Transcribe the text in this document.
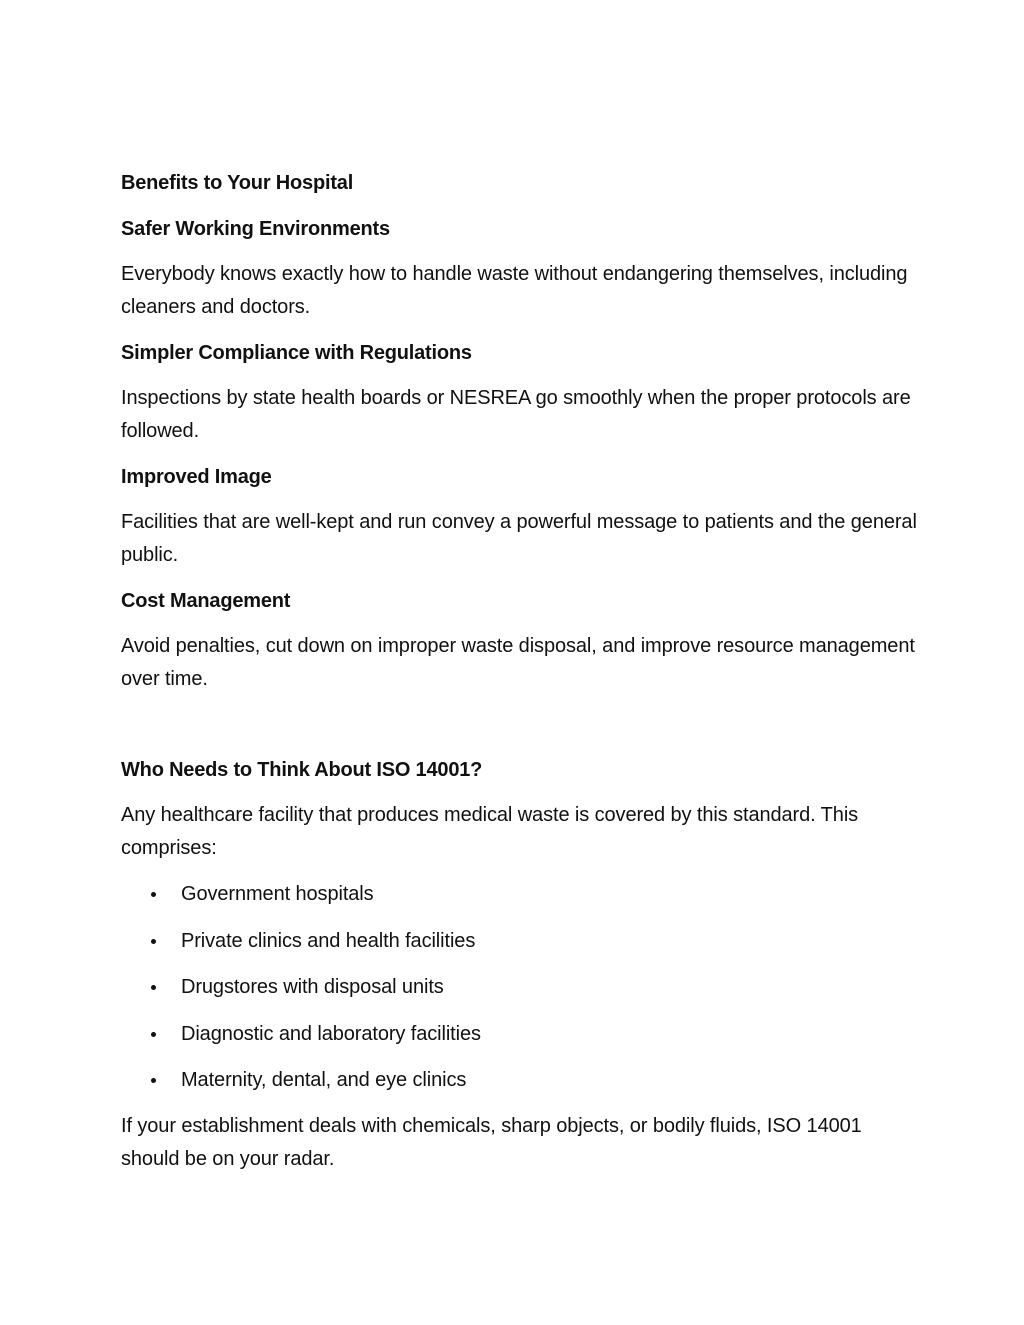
Benefits to Your Hospital
Safer Working Environments
Everybody knows exactly how to handle waste without endangering themselves, including cleaners and doctors.
Simpler Compliance with Regulations
Inspections by state health boards or NESREA go smoothly when the proper protocols are followed.
Improved Image
Facilities that are well-kept and run convey a powerful message to patients and the general public.
Cost Management
Avoid penalties, cut down on improper waste disposal, and improve resource management over time.
Who Needs to Think About ISO 14001?
Any healthcare facility that produces medical waste is covered by this standard. This comprises:
Government hospitals
Private clinics and health facilities
Drugstores with disposal units
Diagnostic and laboratory facilities
Maternity, dental, and eye clinics
If your establishment deals with chemicals, sharp objects, or bodily fluids, ISO 14001 should be on your radar.
